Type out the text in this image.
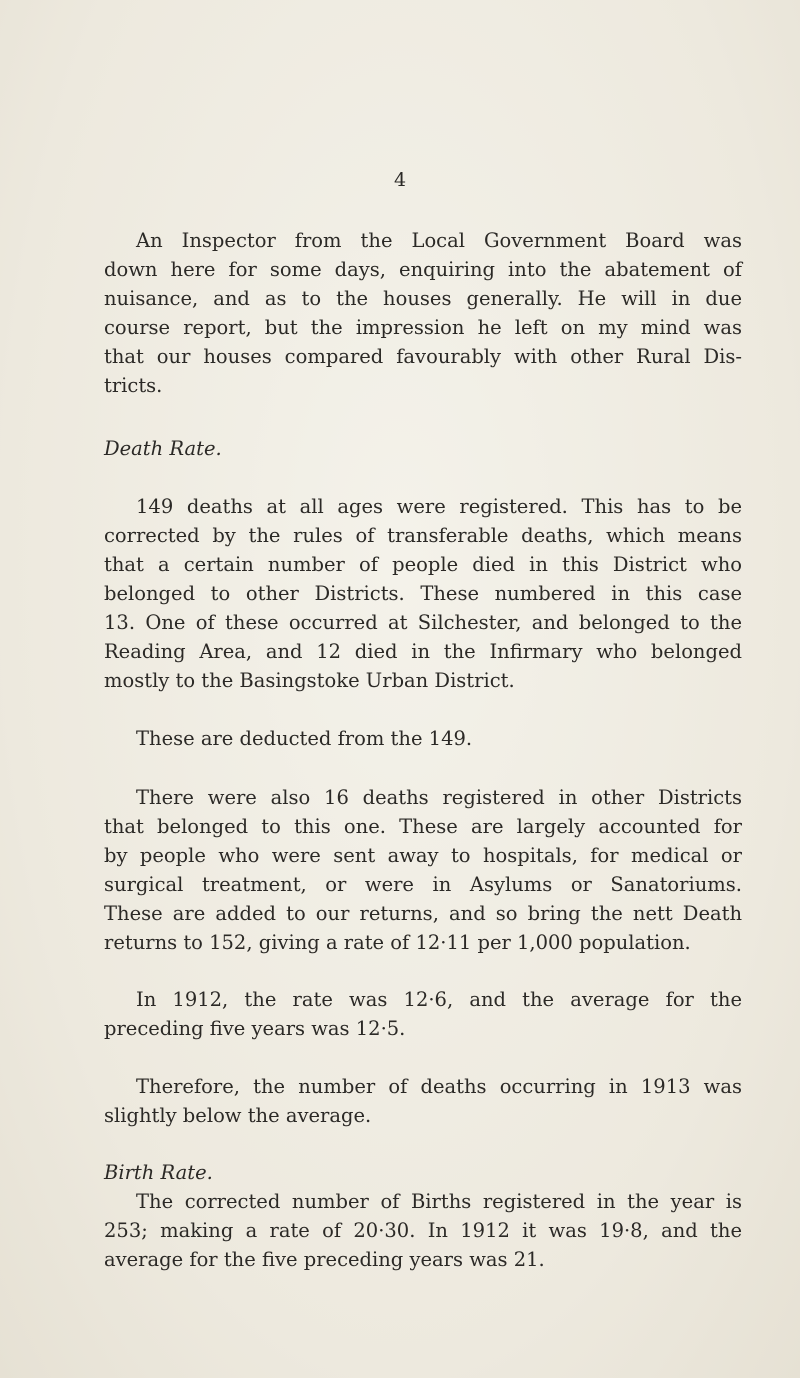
4
An Inspector from the Local Government Board was
down here for some days, enquiring into the abatement of
nuisance, and as to the houses generally. He will in due
course report, but the impression he left on my mind was
that our houses compared favourably with other Rural Dis-
tricts.
Death Rate.
149 deaths at all ages were registered. This has to be
corrected by the rules of transferable deaths, which means
that a certain number of people died in this District who
belonged to other Districts. These numbered in this case
13. One of these occurred at Silchester, and belonged to the
Reading Area, and 12 died in the Infirmary who belonged
mostly to the Basingstoke Urban District.
These are deducted from the 149.
There were also 16 deaths registered in other Districts
that belonged to this one. These are largely accounted for
by people who were sent away to hospitals, for medical or
surgical treatment, or were in Asylums or Sanatoriums.
These are added to our returns, and so bring the nett Death
returns to 152, giving a rate of 12·11 per 1,000 population.
In 1912, the rate was 12·6, and the average for the
preceding five years was 12·5.
Therefore, the number of deaths occurring in 1913 was
slightly below the average.
Birth Rate.
The corrected number of Births registered in the year is
253; making a rate of 20·30. In 1912 it was 19·8, and the
average for the five preceding years was 21.
